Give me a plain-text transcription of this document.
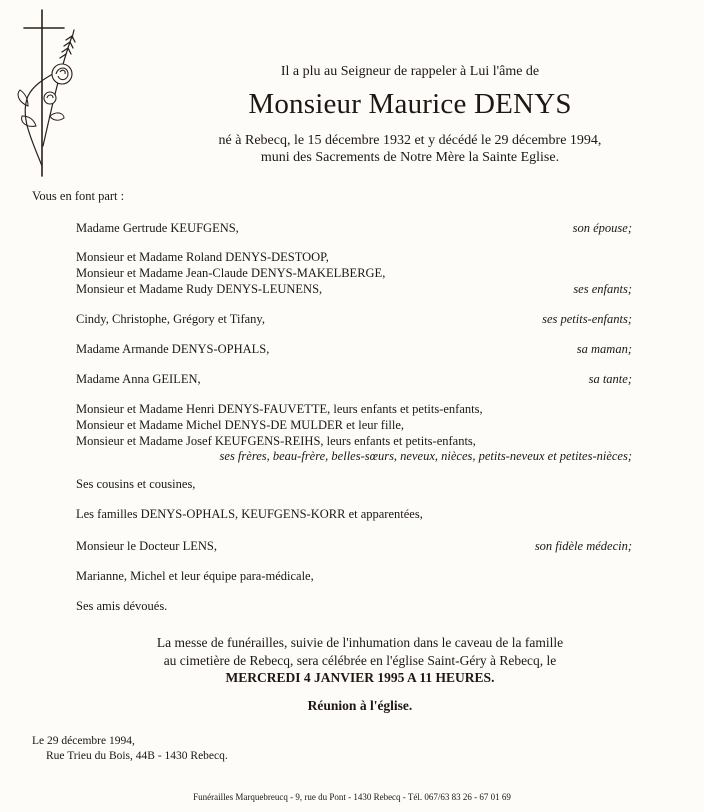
Il a plu au Seigneur de rappeler à Lui l'âme de
Monsieur Maurice DENYS
né à Rebecq, le 15 décembre 1932 et y décédé le 29 décembre 1994,
muni des Sacrements de Notre Mère la Sainte Eglise.
Vous en font part :
Madame Gertrude KEUFGENS,	son épouse;
Monsieur et Madame Roland DENYS-DESTOOP,
Monsieur et Madame Jean-Claude DENYS-MAKELBERGE,
Monsieur et Madame Rudy DENYS-LEUNENS,	ses enfants;
Cindy, Christophe, Grégory et Tifany,	ses petits-enfants;
Madame Armande DENYS-OPHALS,	sa maman;
Madame Anna GEILEN,	sa tante;
Monsieur et Madame Henri DENYS-FAUVETTE, leurs enfants et petits-enfants,
Monsieur et Madame Michel DENYS-DE MULDER et leur fille,
Monsieur et Madame Josef KEUFGENS-REIHS, leurs enfants et petits-enfants,
ses frères, beau-frère, belles-sœurs, neveux, nièces, petits-neveux et petites-nièces;
Ses cousins et cousines,
Les familles DENYS-OPHALS, KEUFGENS-KORR et apparentées,
Monsieur le Docteur LENS,	son fidèle médecin;
Marianne, Michel et leur équipe para-médicale,
Ses amis dévoués.
La messe de funérailles, suivie de l'inhumation dans le caveau de la famille
au cimetière de Rebecq, sera célébrée en l'église Saint-Géry à Rebecq, le
MERCREDI 4 JANVIER 1995 A 11 HEURES.
Réunion à l'église.
Le 29 décembre 1994,
Rue Trieu du Bois, 44B - 1430 Rebecq.
Funérailles Marquebreucq - 9, rue du Pont - 1430 Rebecq - Tél. 067/63 83 26 - 67 01 69
